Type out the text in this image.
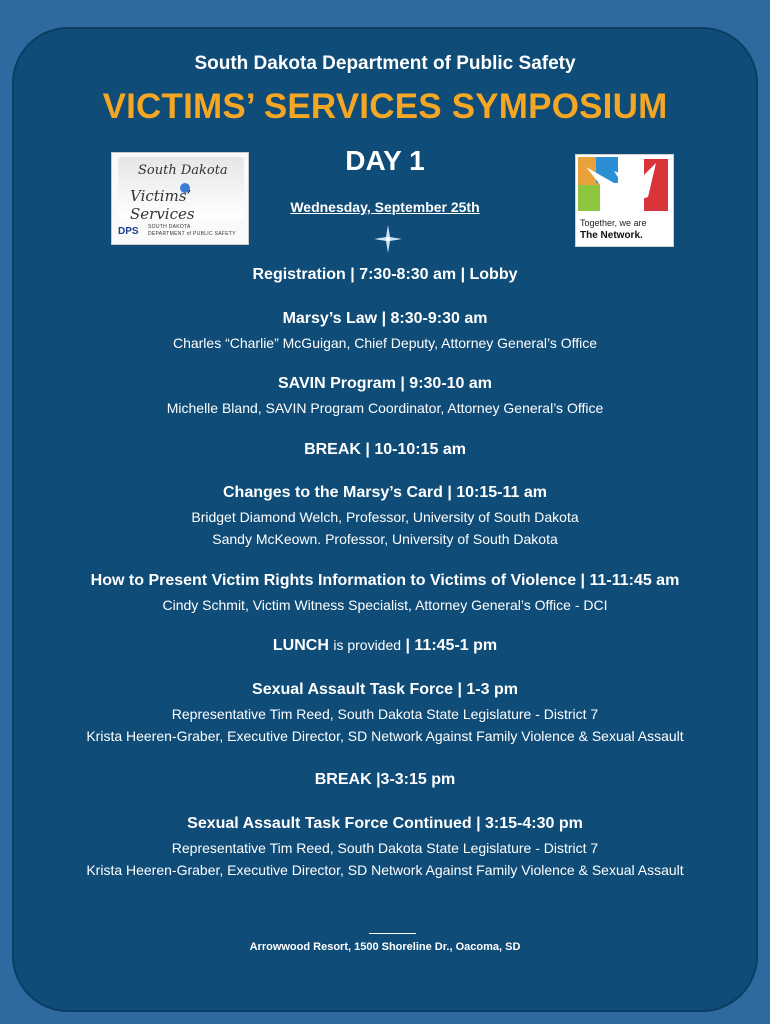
South Dakota Department of Public Safety
VICTIMS’ SERVICES SYMPOSIUM
DAY 1
Wednesday, September 25th
South Dakota
Victims’ Services
DPS SOUTH DAKOTA
DEPARTMENT of PUBLIC SAFETY
Together, we are
The Network.
Registration | 7:30-8:30 am | Lobby
Marsy’s Law | 8:30-9:30 am
Charles “Charlie” McGuigan, Chief Deputy, Attorney General’s Office
SAVIN Program | 9:30-10 am
Michelle Bland, SAVIN Program Coordinator, Attorney General’s Office
BREAK | 10-10:15 am
Changes to the Marsy’s Card | 10:15-11 am
Bridget Diamond Welch, Professor, University of South Dakota
Sandy McKeown. Professor, University of South Dakota
How to Present Victim Rights Information to Victims of Violence | 11-11:45 am
Cindy Schmit, Victim Witness Specialist, Attorney General’s Office - DCI
LUNCH is provided | 11:45-1 pm
Sexual Assault Task Force | 1-3 pm
Representative Tim Reed, South Dakota State Legislature - District 7
Krista Heeren-Graber, Executive Director, SD Network Against Family Violence & Sexual Assault
BREAK |3-3:15 pm
Sexual Assault Task Force Continued | 3:15-4:30 pm
Representative Tim Reed, South Dakota State Legislature - District 7
Krista Heeren-Graber, Executive Director, SD Network Against Family Violence & Sexual Assault
Arrowwood Resort, 1500 Shoreline Dr., Oacoma, SD
